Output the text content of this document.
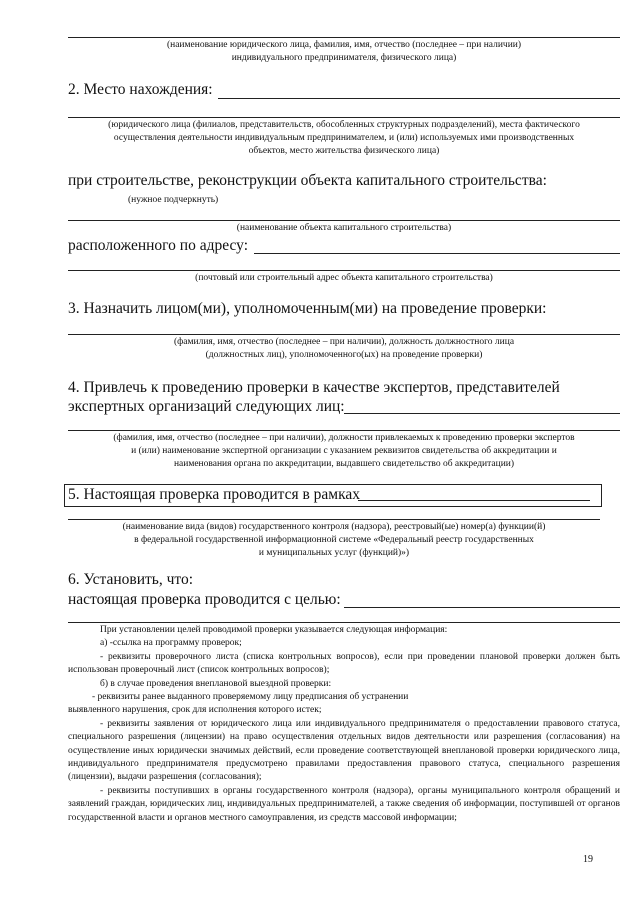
(наименование юридического лица, фамилия, имя, отчество (последнее – при наличии)
индивидуального предпринимателя, физического лица)
2. Место нахождения:
(юридического лица (филиалов, представительств, обособленных структурных подразделений), места фактического
осуществления деятельности индивидуальным предпринимателем, и (или) используемых ими производственных
объектов, место жительства физического лица)
при строительстве, реконструкции объекта капитального строительства:
(нужное подчеркнуть)
(наименование объекта капитального строительства)
расположенного по адресу:
(почтовый или строительный адрес объекта капитального строительства)
3. Назначить лицом(ми), уполномоченным(ми) на проведение проверки:
(фамилия, имя, отчество (последнее – при наличии), должность должностного лица
(должностных лиц), уполномоченного(ых) на проведение проверки)
4. Привлечь к проведению проверки в качестве экспертов, представителей
экспертных организаций следующих лиц:
(фамилия, имя, отчество (последнее – при наличии), должности привлекаемых к проведению проверки экспертов
и (или) наименование экспертной организации с указанием реквизитов свидетельства об аккредитации и
наименования органа по аккредитации, выдавшего свидетельство об аккредитации)
5. Настоящая проверка проводится в рамках
(наименование вида (видов) государственного контроля (надзора), реестровый(ые) номер(а) функции(й)
в федеральной государственной информационной системе «Федеральный реестр государственных
и муниципальных услуг (функций)»)
6. Установить, что:
настоящая проверка проводится с целью:
При установлении целей проводимой проверки указывается следующая информация:
а) -ссылка на программу проверок;
- реквизиты проверочного листа (списка контрольных вопросов), если при проведении плановой проверки должен быть использован проверочный лист (список контрольных вопросов);
б) в случае проведения внеплановой выездной проверки:
- реквизиты ранее выданного проверяемому лицу предписания об устранении
выявленного нарушения, срок для исполнения которого истек;
- реквизиты заявления от юридического лица или индивидуального предпринимателя о предоставлении правового статуса, специального разрешения (лицензии) на право осуществления отдельных видов деятельности или разрешения (согласования) на осуществление иных юридически значимых действий, если проведение соответствующей внеплановой проверки юридического лица, индивидуального предпринимателя предусмотрено правилами предоставления правового статуса, специального разрешения (лицензии), выдачи разрешения (согласования);
- реквизиты поступивших в органы государственного контроля (надзора), органы муниципального контроля обращений и заявлений граждан, юридических лиц, индивидуальных предпринимателей, а также сведения об информации, поступившей от органов государственной власти и органов местного самоуправления, из средств массовой информации;
19
